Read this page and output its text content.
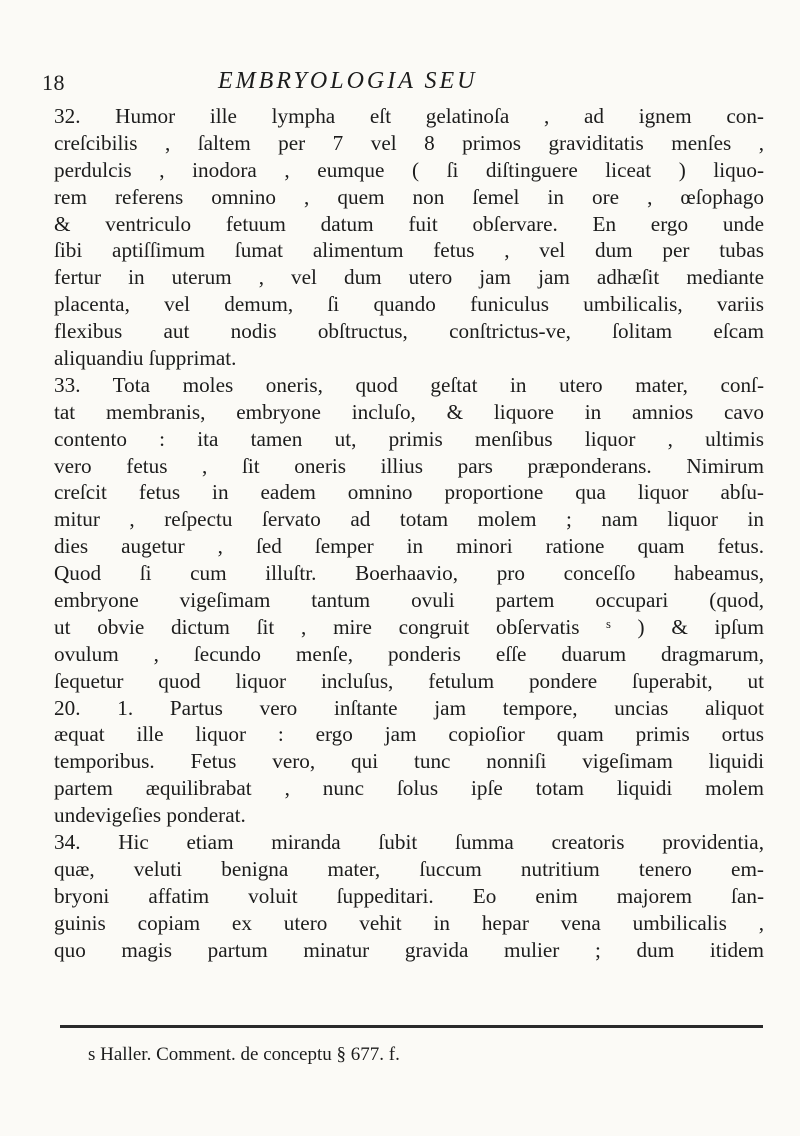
18	EMBRYOLOGIA SEU
32. Humor ille lympha eſt gelatinoſa , ad ignem con-
creſcibilis , ſaltem per 7 vel 8 primos graviditatis menſes ,
perdulcis , inodora , eumque ( ſi diſtinguere liceat ) liquo-
rem referens omnino , quem non ſemel in ore , œſophago
& ventriculo fetuum datum fuit obſervare. En ergo unde
ſibi aptiſſimum ſumat alimentum fetus , vel dum per tubas
fertur in uterum , vel dum utero jam jam adhæſit mediante
placenta, vel demum, ſi quando funiculus umbilicalis, variis
flexibus aut nodis obſtructus, conſtrictus-ve, ſolitam eſcam
aliquandiu ſupprimat.
33. Tota moles oneris, quod geſtat in utero mater, conſ-
tat membranis, embryone incluſo, & liquore in amnios cavo
contento : ita tamen ut, primis menſibus liquor , ultimis
vero fetus , ſit oneris illius pars præponderans. Nimirum
creſcit fetus in eadem omnino proportione qua liquor abſu-
mitur , reſpectu ſervato ad totam molem ; nam liquor in
dies augetur , ſed ſemper in minori ratione quam fetus.
Quod ſi cum illuſtr. Boerhaavio, pro conceſſo habeamus,
embryone vigeſimam tantum ovuli partem occupari (quod,
ut obvie dictum ſit , mire congruit obſervatis ˢ ) & ipſum
ovulum , ſecundo menſe, ponderis eſſe duarum dragmarum,
ſequetur quod liquor incluſus, fetulum pondere ſuperabit, ut
20. 1. Partus vero inſtante jam tempore, uncias aliquot
æquat ille liquor : ergo jam copioſior quam primis ortus
temporibus. Fetus vero, qui tunc nonniſi vigeſimam liquidi
partem æquilibrabat , nunc ſolus ipſe totam liquidi molem
undevigeſies ponderat.
34. Hic etiam miranda ſubit ſumma creatoris providentia,
quæ, veluti benigna mater, ſuccum nutritium tenero em-
bryoni affatim voluit ſuppeditari. Eo enim majorem ſan-
guinis copiam ex utero vehit in hepar vena umbilicalis ,
quo magis partum minatur gravida mulier ; dum itidem
s Haller. Comment. de conceptu § 677. f.
